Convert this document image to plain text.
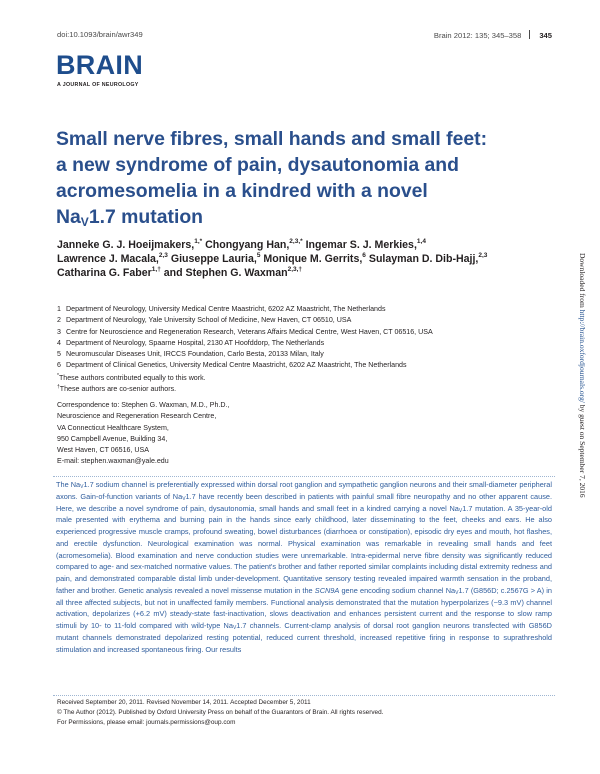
doi:10.1093/brain/awr349	Brain 2012: 135; 345–358 345
BRAIN
A JOURNAL OF NEUROLOGY
Small nerve fibres, small hands and small feet:
a new syndrome of pain, dysautonomia and
acromesomelia in a kindred with a novel
$Na_V1.7$ mutation
Janneke G. J. Hoeijmakers,$^{1,*}$ Chongyang Han,$^{2,3,*}$ Ingemar S. J. Merkies,$^{1,4}$
Lawrence J. Macala,$^{2,3}$ Giuseppe Lauria,$^5$ Monique M. Gerrits,$^6$ Sulayman D. Dib-Hajj,$^{2,3}$
Catharina G. Faber$^{1,\dagger}$ and Stephen G. Waxman$^{2,3,\dagger}$
1 Department of Neurology, University Medical Centre Maastricht, 6202 AZ Maastricht, The Netherlands
2 Department of Neurology, Yale University School of Medicine, New Haven, CT 06510, USA
3 Centre for Neuroscience and Regeneration Research, Veterans Affairs Medical Centre, West Haven, CT 06516, USA
4 Department of Neurology, Spaarne Hospital, 2130 AT Hoofddorp, The Netherlands
5 Neuromuscular Diseases Unit, IRCCS Foundation, Carlo Besta, 20133 Milan, Italy
6 Department of Clinical Genetics, University Medical Centre Maastricht, 6202 AZ Maastricht, The Netherlands
*These authors contributed equally to this work.
†These authors are co-senior authors.
Correspondence to: Stephen G. Waxman, M.D., Ph.D.,
Neuroscience and Regeneration Research Centre,
VA Connecticut Healthcare System,
950 Campbell Avenue, Building 34,
West Haven, CT 06516, USA
E-mail: stephen.waxman@yale.edu

The $Na_V1.7$ sodium channel is preferentially expressed within dorsal root ganglion and sympathetic ganglion neurons and their small-diameter peripheral axons. Gain-of-function variants of $Na_V1.7$ have recently been described in patients with painful small fibre neuropathy and no other apparent cause. Here, we describe a novel syndrome of pain, dysautonomia, small hands and small feet in a kindred carrying a novel $Na_V1.7$ mutation. A 35-year-old male presented with erythema and burning pain in the hands since early childhood, later disseminating to the feet, cheeks and ears. He also experienced progressive muscle cramps, profound sweating, bowel disturbances (diarrhoea or constipation), episodic dry eyes and mouth, hot flashes, and erectile dysfunction. Neurological examination was normal. Physical examination was remarkable in revealing small hands and feet (acromesomelia). Blood examination and nerve conduction studies were unremarkable. Intra-epidermal nerve fibre density was significantly reduced compared to age- and sex-matched normative values. The patient's brother and father reported similar complaints including distal extremity redness and pain, and demonstrated comparable distal limb under-development. Quantitative sensory testing revealed impaired warmth sensation in the proband, father and brother. Genetic analysis revealed a novel missense mutation in the SCN9A gene encoding sodium channel $Na_V1.7$ (G856D; c.2567G > A) in all three affected subjects, but not in unaffected family members. Functional analysis demonstrated that the mutation hyperpolarizes (−9.3 mV) channel activation, depolarizes (+6.2 mV) steady-state fast-inactivation, slows deactivation and enhances persistent current and the response to slow ramp stimuli by 10- to 11-fold compared with wild-type $Na_V1.7$ channels. Current-clamp analysis of dorsal root ganglion neurons transfected with G856D mutant channels demonstrated depolarized resting potential, reduced current threshold, increased repetitive firing in response to suprathreshold stimulation and increased spontaneous firing. Our results

Received September 20, 2011. Revised November 14, 2011. Accepted December 5, 2011
© The Author (2012). Published by Oxford University Press on behalf of the Guarantors of Brain. All rights reserved.
For Permissions, please email: journals.permissions@oup.com
Downloaded from http://brain.oxfordjournals.org/ by guest on September 7, 2016
